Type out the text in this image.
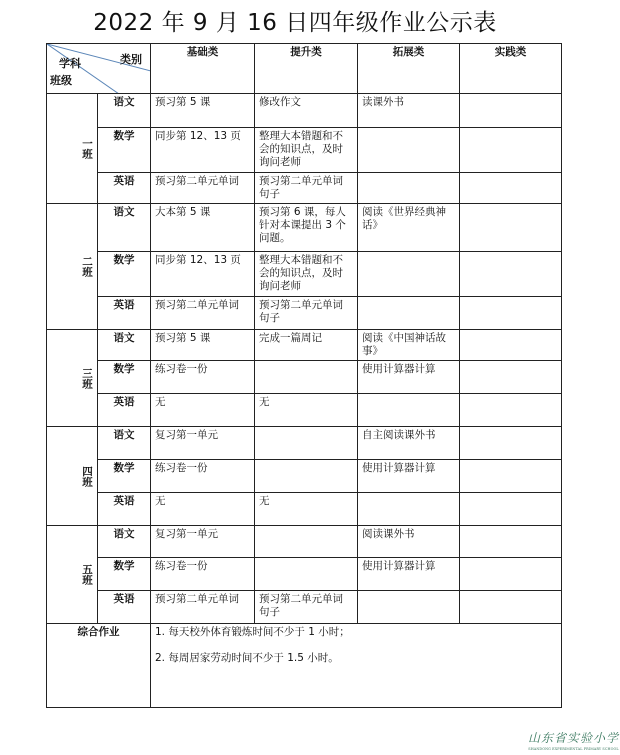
2022 年 9 月 16 日四年级作业公示表
类别
学科
班级		基础类	提升类	拓展类	实践类
一班	语文	预习第 5 课	修改作文	读课外书	
	数学	同步第 12、13 页	整理大本错题和不会的知识点，及时询问老师		
	英语	预习第二单元单词	预习第二单元单词句子		
二班	语文	大本第 5 课	预习第 6 课，每人针对本课提出 3 个问题。	阅读《世界经典神话》	
	数学	同步第 12、13 页	整理大本错题和不会的知识点，及时询问老师		
	英语	预习第二单元单词	预习第二单元单词句子		
三班	语文	预习第 5 课	完成一篇周记	阅读《中国神话故事》	
	数学	练习卷一份		使用计算器计算	
	英语	无	无		
四班	语文	复习第一单元		自主阅读课外书	
	数学	练习卷一份		使用计算器计算	
	英语	无	无		
五班	语文	复习第一单元		阅读课外书	
	数学	练习卷一份		使用计算器计算	
	英语	预习第二单元单词	预习第二单元单词句子		
综合作业		1. 每天校外体育锻炼时间不少于 1 小时；
2. 每周居家劳动时间不少于 1.5 小时。			
山东省实验小学
SHANDONG EXPERIMENTAL PRIMARY SCHOOL
